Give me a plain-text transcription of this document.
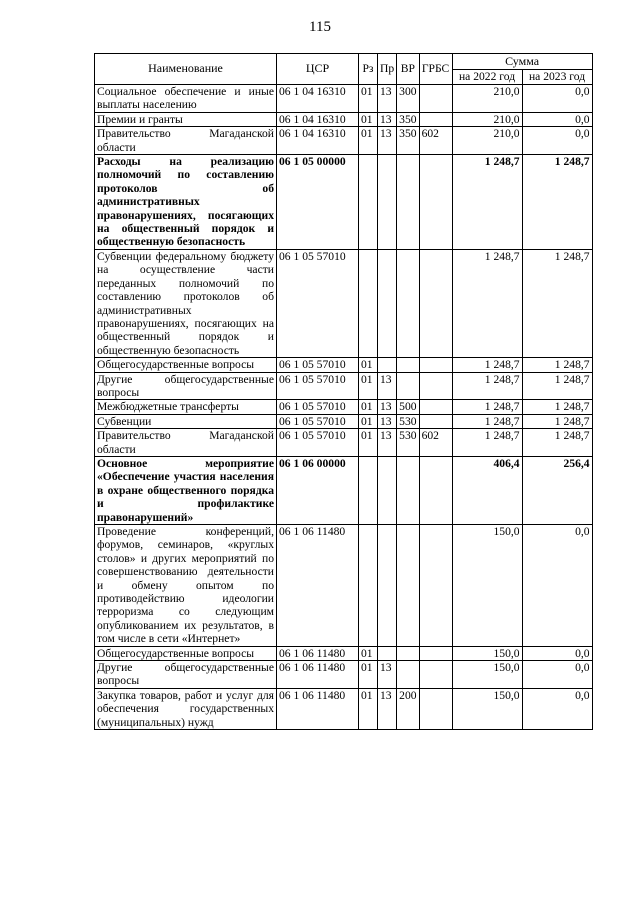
115
Наименование	ЦСР	Рз	Пр	ВР	ГРБС	Сумма	
						на 2022 год	на 2023 год
Социальное обеспечение и иные выплаты населению	06 1 04 16310	01	13	300		210,0	0,0
Премии и гранты	06 1 04 16310	01	13	350		210,0	0,0
Правительство Магаданской области	06 1 04 16310	01	13	350	602	210,0	0,0
Расходы на реализацию полномочий по составлению протоколов об административных правонарушениях, посягающих на общественный порядок и общественную безопасность	06 1 05 00000					1 248,7	1 248,7
Субвенции федеральному бюджету на осуществление части переданных полномочий по составлению протоколов об административных правонарушениях, посягающих на общественный порядок и общественную безопасность	06 1 05 57010					1 248,7	1 248,7
Общегосударственные вопросы	06 1 05 57010	01				1 248,7	1 248,7
Другие общегосударственные вопросы	06 1 05 57010	01	13			1 248,7	1 248,7
Межбюджетные трансферты	06 1 05 57010	01	13	500		1 248,7	1 248,7
Субвенции	06 1 05 57010	01	13	530		1 248,7	1 248,7
Правительство Магаданской области	06 1 05 57010	01	13	530	602	1 248,7	1 248,7
Основное мероприятие «Обеспечение участия населения в охране общественного порядка и профилактике правонарушений»	06 1 06 00000					406,4	256,4
Проведение конференций, форумов, семинаров, «круглых столов» и других мероприятий по совершенствованию деятельности и обмену опытом по противодействию идеологии терроризма со следующим опубликованием их результатов, в том числе в сети «Интернет»	06 1 06 11480					150,0	0,0
Общегосударственные вопросы	06 1 06 11480	01				150,0	0,0
Другие общегосударственные вопросы	06 1 06 11480	01	13			150,0	0,0
Закупка товаров, работ и услуг для обеспечения государственных (муниципальных) нужд	06 1 06 11480	01	13	200		150,0	0,0
